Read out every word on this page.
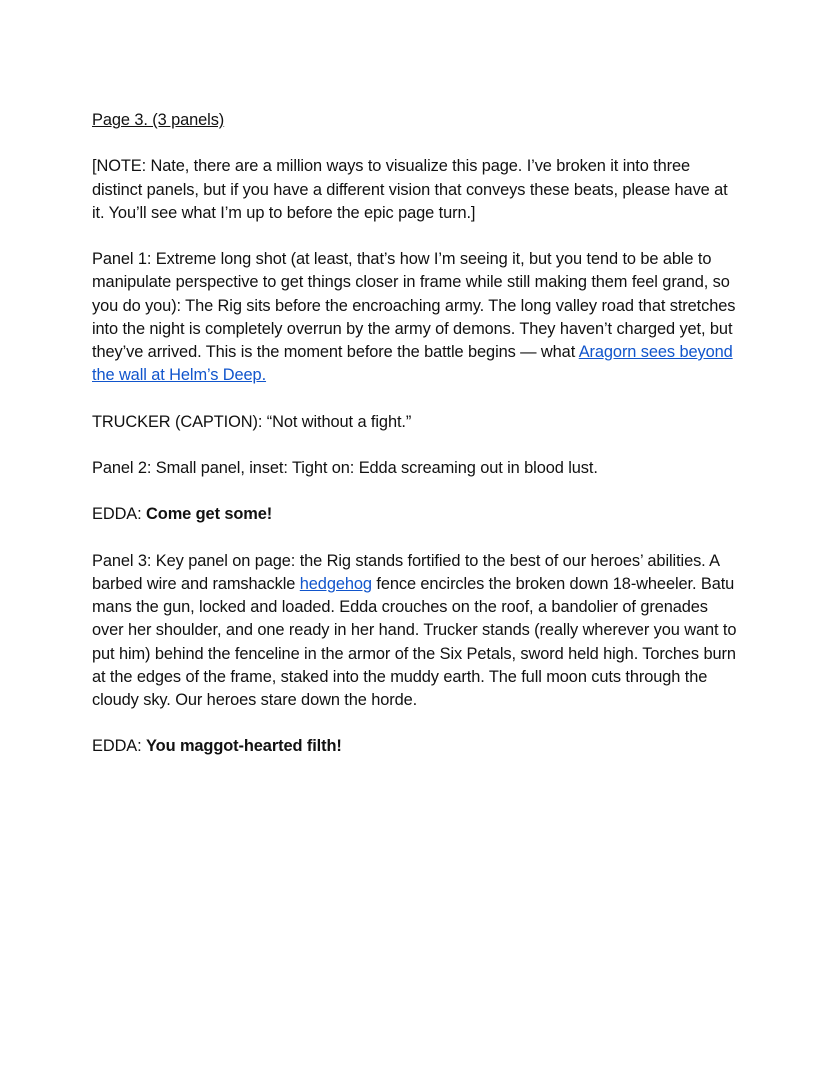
Page 3. (3 panels)

[NOTE: Nate, there are a million ways to visualize this page. I’ve broken it into three distinct panels, but if you have a different vision that conveys these beats, please have at it. You’ll see what I’m up to before the epic page turn.]

Panel 1: Extreme long shot (at least, that’s how I’m seeing it, but you tend to be able to manipulate perspective to get things closer in frame while still making them feel grand, so you do you): The Rig sits before the encroaching army. The long valley road that stretches into the night is completely overrun by the army of demons. They haven’t charged yet, but they’ve arrived. This is the moment before the battle begins — what Aragorn sees beyond the wall at Helm’s Deep.

TRUCKER (CAPTION): “Not without a fight.”

Panel 2: Small panel, inset: Tight on: Edda screaming out in blood lust.

EDDA: Come get some!

Panel 3: Key panel on page: the Rig stands fortified to the best of our heroes’ abilities. A barbed wire and ramshackle hedgehog fence encircles the broken down 18-wheeler. Batu mans the gun, locked and loaded. Edda crouches on the roof, a bandolier of grenades over her shoulder, and one ready in her hand. Trucker stands (really wherever you want to put him) behind the fenceline in the armor of the Six Petals, sword held high. Torches burn at the edges of the frame, staked into the muddy earth. The full moon cuts through the cloudy sky. Our heroes stare down the horde.

EDDA: You maggot-hearted filth!
